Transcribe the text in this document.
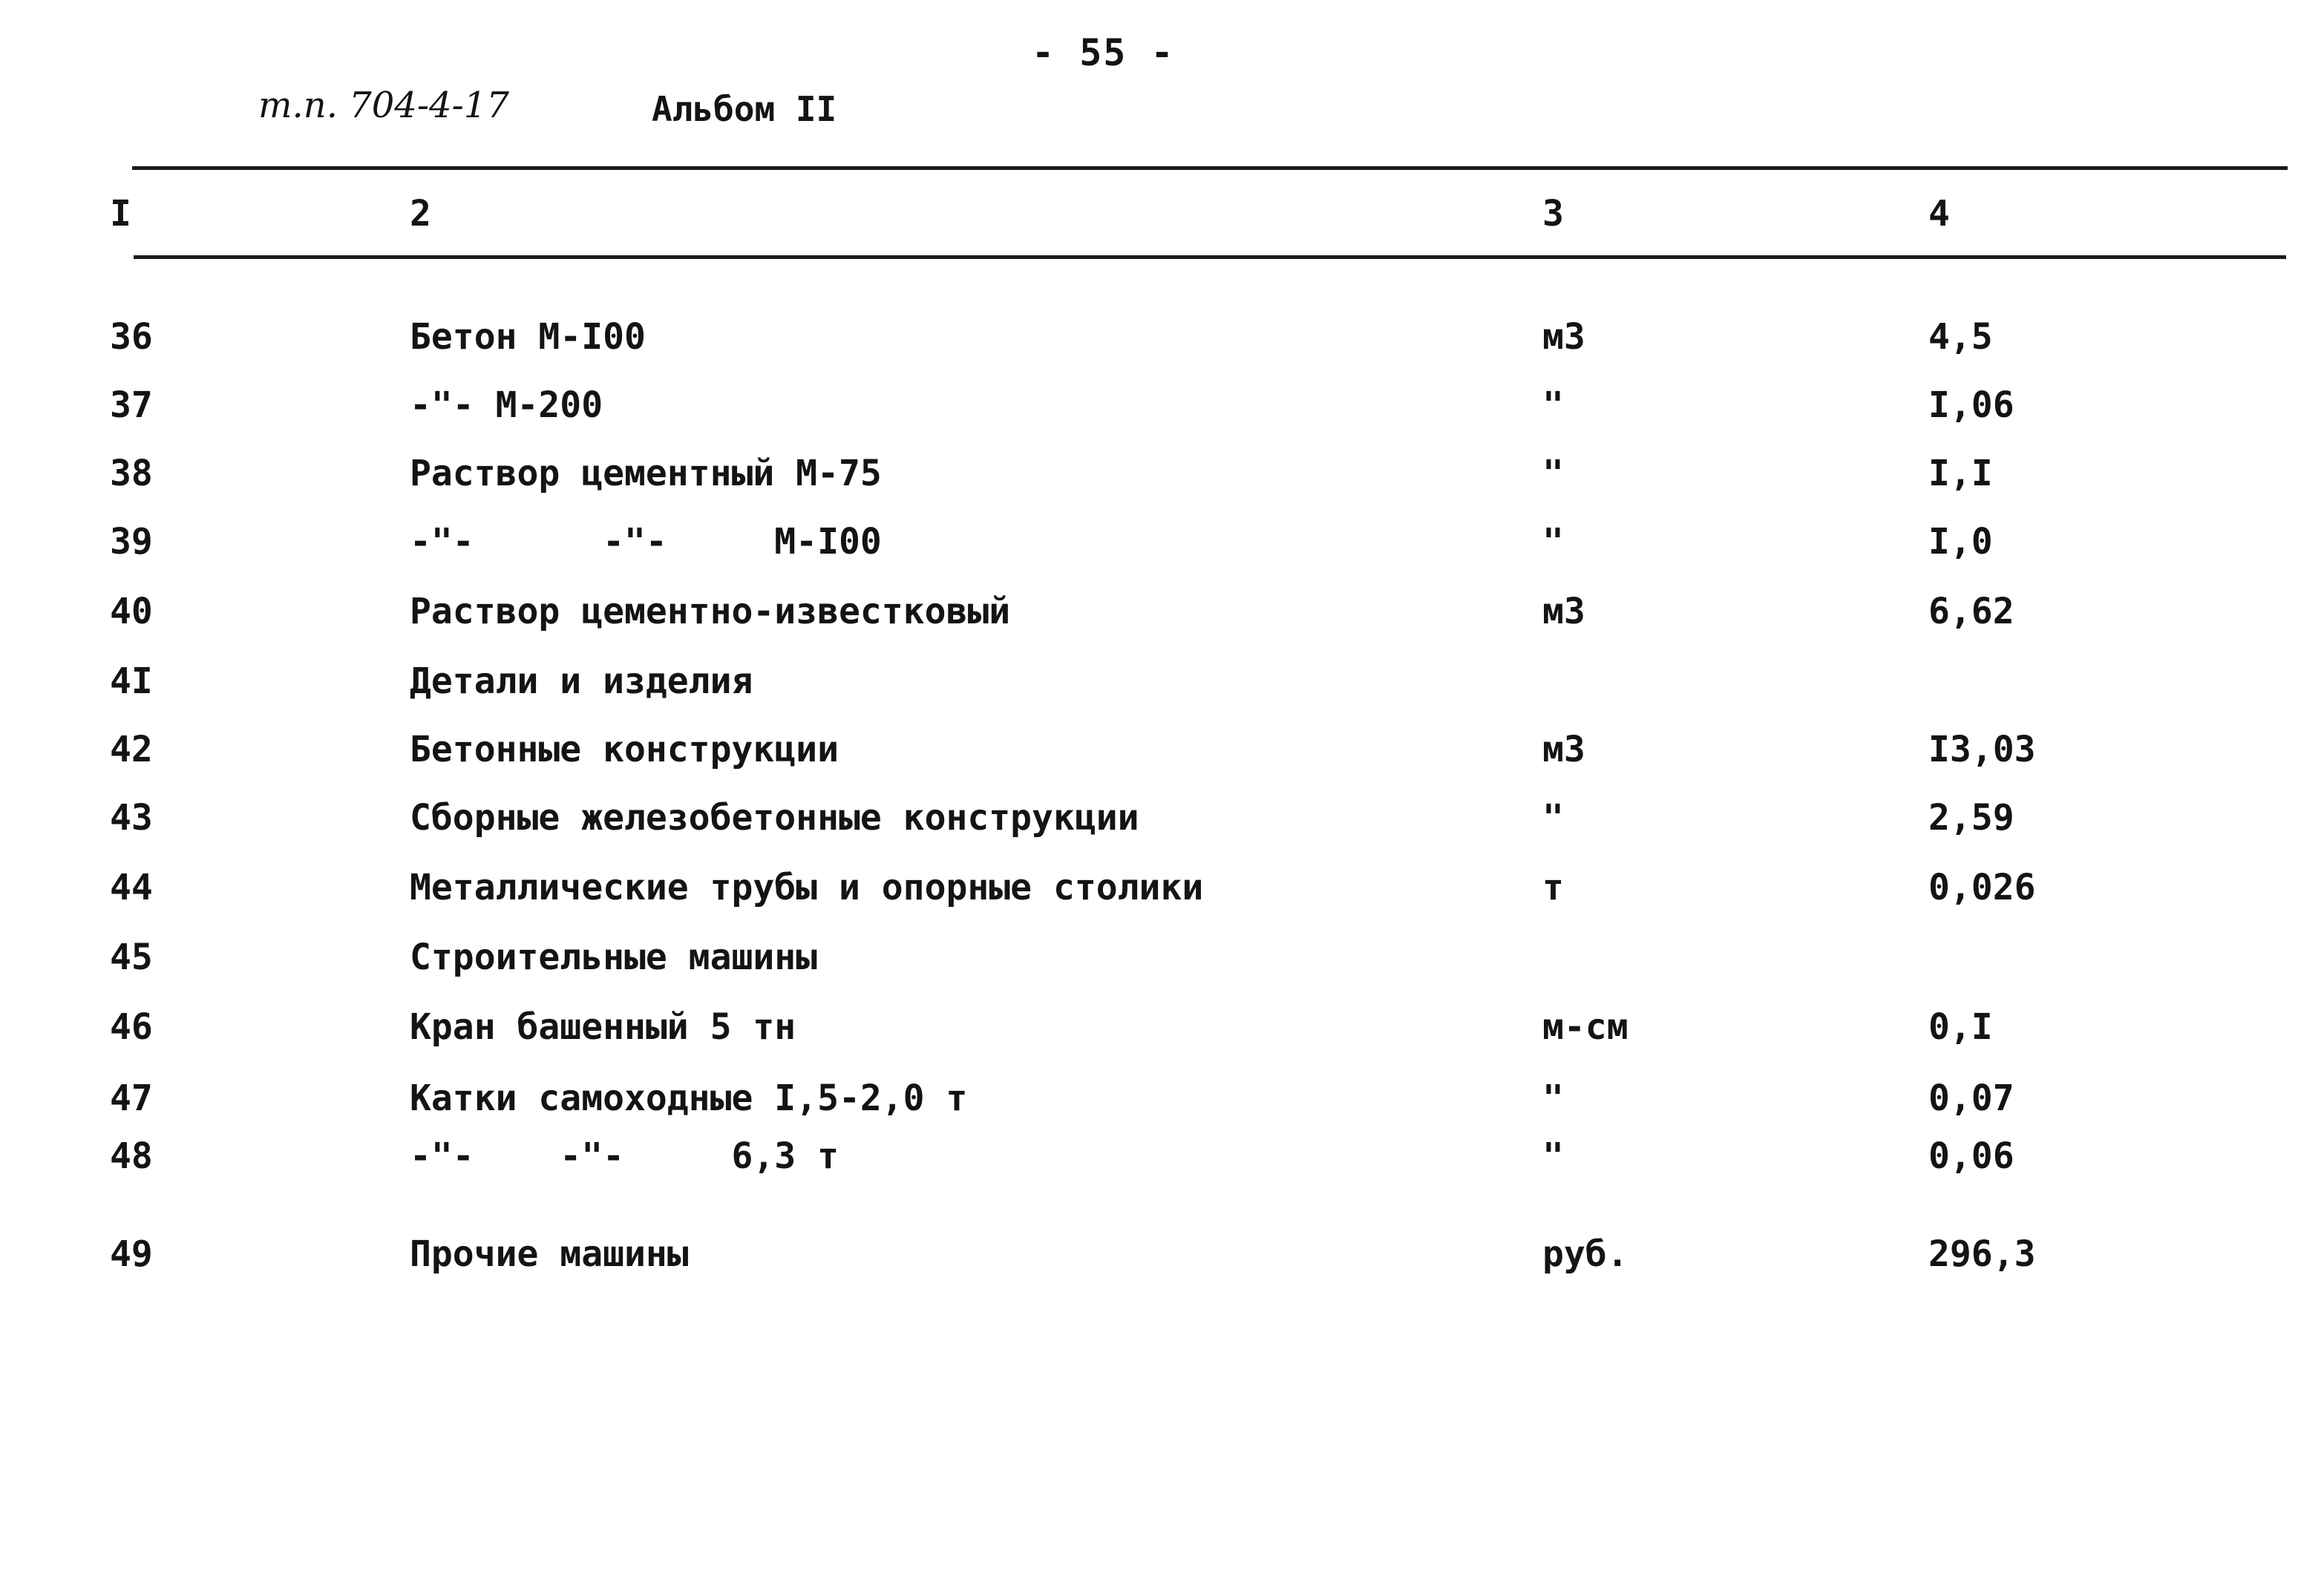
- 55 -
т.п. 704-4-17	Альбом II
I	2	3	4
36	Бетон М-I00	м3	4,5
37	-"- М-200	"	I,06
38	Раствор цементный М-75	"	I,I
39	-"-      -"-     М-I00	"	I,0
40	Раствор цементно-известковый	м3	6,62
4I	Детали и изделия
42	Бетонные конструкции	м3	I3,03
43	Сборные железобетонные конструкции	"	2,59
44	Металлические трубы и опорные столики	т	0,026
45	Строительные машины
46	Кран башенный 5 тн	м-см	0,I
47	Катки самоходные I,5-2,0 т	"	0,07
48	-"-    -"-     6,3 т	"	0,06
49	Прочие машины	руб.	296,3
